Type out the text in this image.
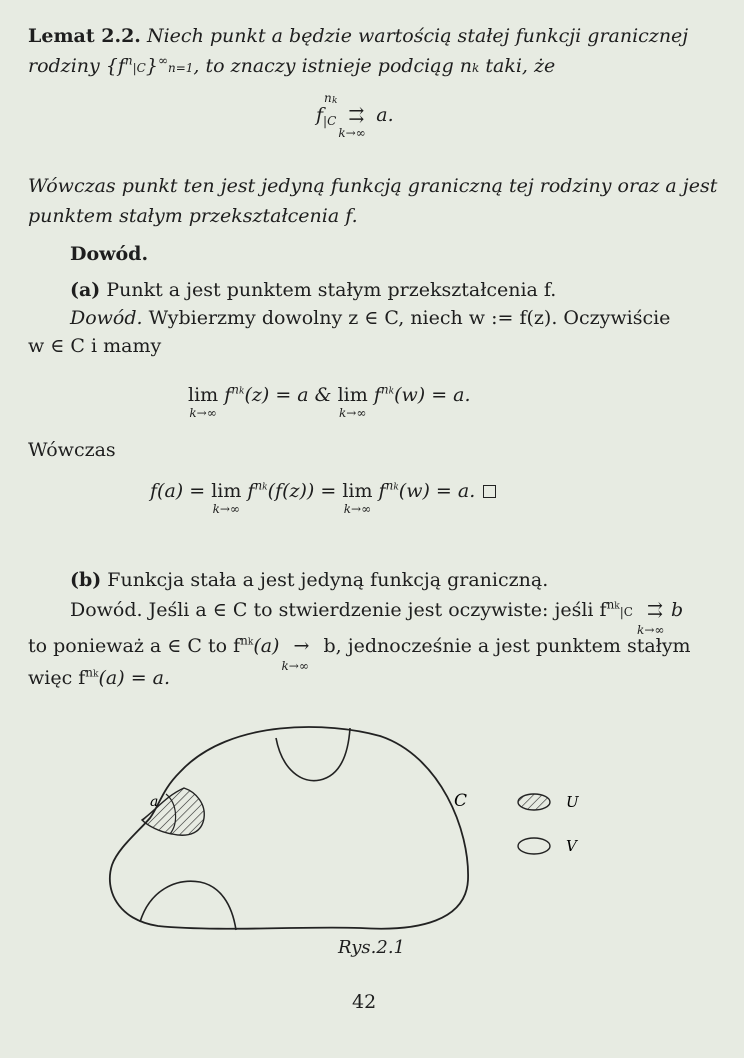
Lemat 2.2. Niech punkt a będzie wartością stałej funkcji granicznej
rodziny $\{f^n|C\}^\infty n=1$, to znaczy istnieje podciąg nk taki, że
f
n k
$_{|C}$ ⇉
k→∞
a.
Wówczas punkt ten jest jedyną funkcją graniczną tej rodziny oraz a jest
punktem stałym przekształcenia f.
Dowód.
(a) Punkt a jest punktem stałym przekształcenia f.
Dowód. Wybierzmy dowolny z ∈ C, niech w := f(z). Oczywiście
w ∈ C i mamy
lim
k→∞
$f^{nk}(z) = a$ & lim
k→∞
$f^{nk}(w) = a$.
Wówczas
f(a) = lim
k→∞
$f^{nk}(f(z)) = \lim$
k→∞
$f^{nk}(w) = a$.
(b) Funkcja stała a jest jedyną funkcją graniczną.
Dowód. Jeśli a ∈ C to stwierdzenie jest oczywiste: jeśli $f^{nk}|C$ ⇉
k→∞
b
to ponieważ a ∈ C to $f^{nk}(a)$ →
k→∞
b, jednocześnie a jest punktem stałym
więc $f^{nk}(a) = a$.
a	C	U
V
Rys.2.1
42
